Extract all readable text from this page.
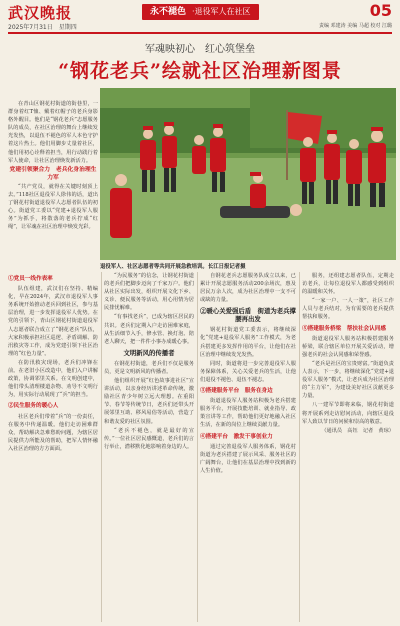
武汉晚报
2025年7月31日　星期四
永不褪色 ·退役军人在社区	05
责编 邓建涛 美编 马超 校对 江璐
军魂映初心　红心筑堡垒
“钢花老兵”绘就社区治理新图景

在青山区钢花村街道的街巷里，一群身着红T恤、戴着红帽子的老兵身影格外醒目。他们是“钢花老兵”志愿服务队的成员，在社区治理的舞台上继续发光发热，以退伍不褪色的军人本色守护着这片热土。他们用脚步丈量着社区，他们用初心诠释着担当，用行动践行着军人使命，让社区治理焕发新活力。

党建引领聚合力　老兵化身治理生力军

“共产党员，就得在关键时刻顶上去。”118社区退役军人徐伟的话，道出了钢花村街道退役军人志愿者队伍的初心。街道党工委以“党建+退役军人服务”为抓手，将散落的老兵拧成“红绳”，让军魂在社区治理中焕发光彩。

退役军人、社区志愿者等共同开展急救培训。长江日报记者摄

①党员一线作表率

队伍组建，武汉们在坚持、精编化，早在2024年，武汉市退役军人事务系统开始推动老兵回到社区，参与基层治理，进一步发挥退役军人优势。在党的引领下，青山区钢花村街道退役军人志愿者联合成立了“钢花老兵”队伍，大家积极承担社区巡逻、矛盾调解、防汛救灾等工作，成为党建引领下社区治理的“红色力量”。

在防汛救灾现场，老兵们冲锋在前。在老旧小区改造中，他们入户讲解政策，协调邻里关系。在文明创建中，他们带头清理楼道杂物、劝导不文明行为，用实际行动展现了“兵”的担当。

②民生服务的暖心人

社区老兵们带着“兵”的一份责任，在服务中传递温暖。他们走访困难群众，帮助解决急难愁盼问题，为辖区居民提供力所能及的帮助，把军人情怀融入社区治理的方方面面。

“为民服务”的信念，让钢花村街道的老兵们把脚步迈向了千家万户。他们从社区实际出发，组织开展文化下乡、义诊、便民服务等活动，用心用情为居民排忧解难。

“有事找老兵”，已成为辖区居民的共识。老兵们定期入户走访困难家庭，从生活细节入手，修水管、换灯泡、陪老人聊天，把一件件小事办成暖心事。

文明新风的传播者

在钢花村街道，老兵们不仅是服务员，更是文明新风的传播者。

他们组织开展“红色故事进社区”宣讲活动，以亲身经历讲述革命传统，激励社区青少年树立远大理想。在重阳节、春节等传统节日，老兵们还带头开展邻里互助、移风易俗等活动，营造了和谐友爱的社区氛围。

“老兵不褪色，就是最好的宣传。”一位社区居民感慨道，老兵们的言行举止，潜移默化地影响着身边的人。

自钢花老兵志愿服务队成立以来，已累计开展志愿服务活动200余场次，惠及居民万余人次，成为社区治理中一支不可或缺的力量。

②暖心关爱强后盾　街道为老兵撑腰再出发

钢花村街道党工委表示，将继续深化“党建+退役军人服务”工作模式，为老兵搭建更多发挥作用的平台，让他们在社区治理中继续发光发热。

同时，街道将进一步完善退役军人服务保障体系，关心关爱老兵的生活，让他们退役不褪色、退伍不褪志。

③搭建服务平台　服务在身边

街道退役军人服务站积极为老兵搭建服务平台，开展技能培训、就业指导、政策宣讲等工作，帮助他们更好地融入社区生活，在新的岗位上继续贡献力量。

④搭建平台　激发干事创业力

通过完善退役军人服务体系，钢花村街道为老兵搭建了展示风采、服务社区的广阔舞台，让他们在基层治理中找到新的人生价值。

服务，还组建志愿者队伍，定期走访老兵，让每位退役军人都感受到组织的温暖和关怀。

“一家一户、一人一策”，社区工作人员与老兵结对，为有需要的老兵提供帮扶和服务。

⑤搭建服务桥梁　帮扶社会认同感

街道退役军人服务站积极搭建服务桥梁，联合辖区单位开展关爱活动，增强老兵的社会认同感和荣誉感。

“老兵是社区的宝贵财富。”街道负责人表示，下一步，将继续深化“党建+退役军人服务”模式，让老兵成为社区治理的“主力军”，为建设美好社区贡献更多力量。

八一建军节即将来临，钢花村街道将开展系列走访慰问活动，向辖区退役军人致以节日的问候和崇高的敬意。

（通讯员　高钰　记者　黄琼）
